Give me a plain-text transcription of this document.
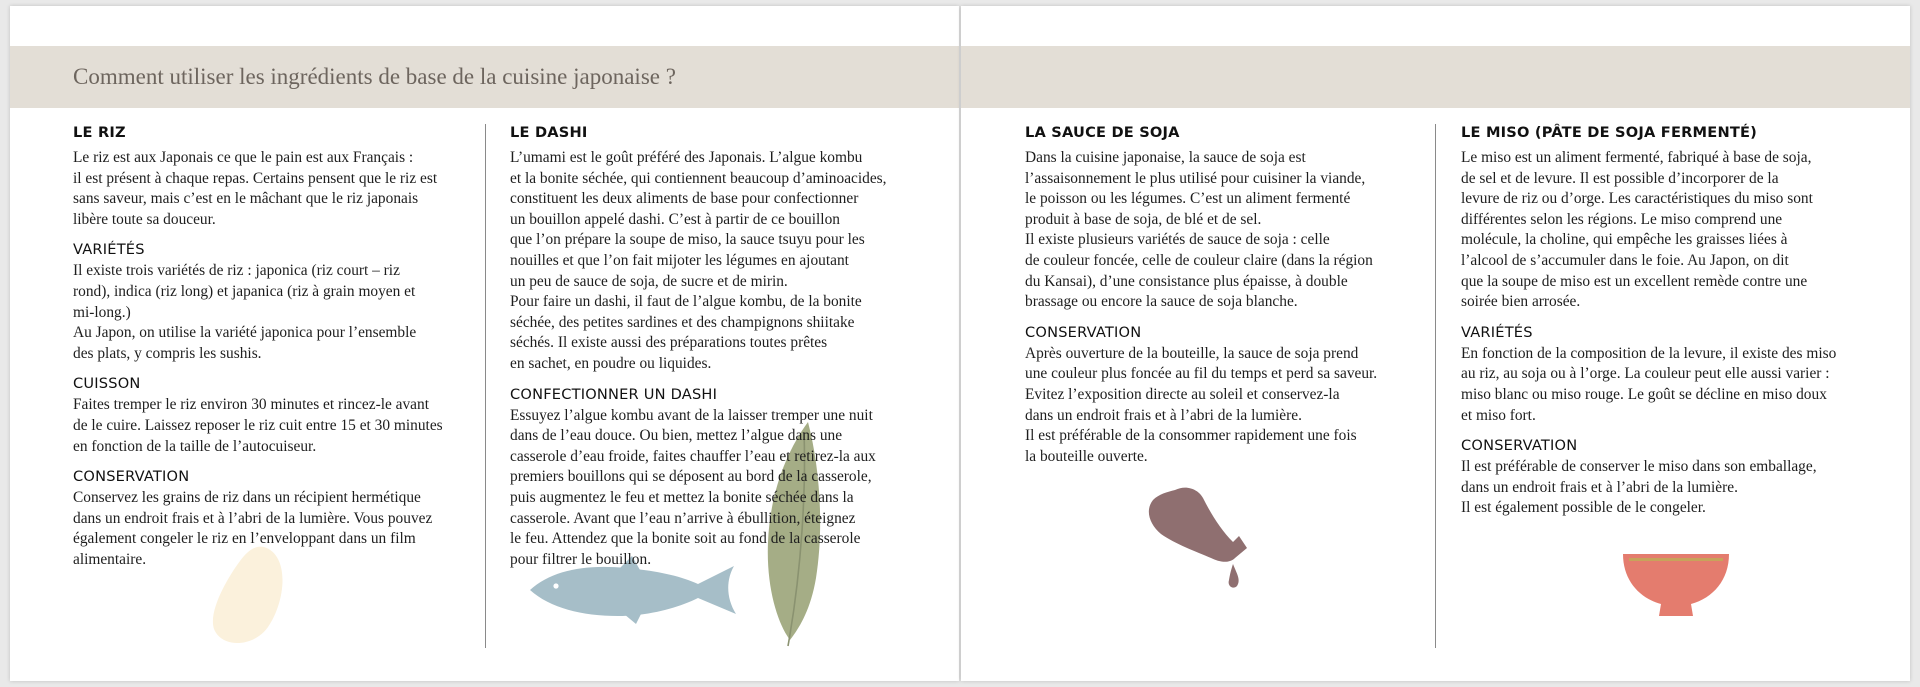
Comment utiliser les ingrédients de base de la cuisine japonaise ?
LE RIZ

Le riz est aux Japonais ce que le pain est aux Français :

il est présent à chaque repas. Certains pensent que le riz est

sans saveur, mais c’est en le mâchant que le riz japonais

libère toute sa douceur.

VARIÉTÉS

Il existe trois variétés de riz : japonica (riz court – riz

rond), indica (riz long) et japanica (riz à grain moyen et

mi-long.)

Au Japon, on utilise la variété japonica pour l’ensemble

des plats, y compris les sushis.

CUISSON

Faites tremper le riz environ 30 minutes et rincez-le avant

de le cuire. Laissez reposer le riz cuit entre 15 et 30 minutes

en fonction de la taille de l’autocuiseur.

CONSERVATION

Conservez les grains de riz dans un récipient hermétique

dans un endroit frais et à l’abri de la lumière. Vous pouvez

également congeler le riz en l’enveloppant dans un film

alimentaire.

LE DASHI

L’umami est le goût préféré des Japonais. L’algue kombu

et la bonite séchée, qui contiennent beaucoup d’aminoacides,

constituent les deux aliments de base pour confectionner

un bouillon appelé dashi. C’est à partir de ce bouillon

que l’on prépare la soupe de miso, la sauce tsuyu pour les

nouilles et que l’on fait mijoter les légumes en ajoutant

un peu de sauce de soja, de sucre et de mirin.

Pour faire un dashi, il faut de l’algue kombu, de la bonite

séchée, des petites sardines et des champignons shiitake

séchés. Il existe aussi des préparations toutes prêtes

en sachet, en poudre ou liquides.

CONFECTIONNER UN DASHI

Essuyez l’algue kombu avant de la laisser tremper une nuit

dans de l’eau douce. Ou bien, mettez l’algue dans une

casserole d’eau froide, faites chauffer l’eau et retirez-la aux

premiers bouillons qui se déposent au bord de la casserole,

puis augmentez le feu et mettez la bonite séchée dans la

casserole. Avant que l’eau n’arrive à ébullition, éteignez

le feu. Attendez que la bonite soit au fond de la casserole

pour filtrer le bouillon.

LA SAUCE DE SOJA

Dans la cuisine japonaise, la sauce de soja est

l’assaisonnement le plus utilisé pour cuisiner la viande,

le poisson ou les légumes. C’est un aliment fermenté

produit à base de soja, de blé et de sel.

Il existe plusieurs variétés de sauce de soja : celle

de couleur foncée, celle de couleur claire (dans la région

du Kansai), d’une consistance plus épaisse, à double

brassage ou encore la sauce de soja blanche.

CONSERVATION

Après ouverture de la bouteille, la sauce de soja prend

une couleur plus foncée au fil du temps et perd sa saveur.

Evitez l’exposition directe au soleil et conservez-la

dans un endroit frais et à l’abri de la lumière.

Il est préférable de la consommer rapidement une fois

la bouteille ouverte.

LE MISO (PÂTE DE SOJA FERMENTÉ)

Le miso est un aliment fermenté, fabriqué à base de soja,

de sel et de levure. Il est possible d’incorporer de la

levure de riz ou d’orge. Les caractéristiques du miso sont

différentes selon les régions. Le miso comprend une

molécule, la choline, qui empêche les graisses liées à

l’alcool de s’accumuler dans le foie. Au Japon, on dit

que la soupe de miso est un excellent remède contre une

soirée bien arrosée.

VARIÉTÉS

En fonction de la composition de la levure, il existe des miso

au riz, au soja ou à l’orge. La couleur peut elle aussi varier :

miso blanc ou miso rouge. Le goût se décline en miso doux

et miso fort.

CONSERVATION

Il est préférable de conserver le miso dans son emballage,

dans un endroit frais et à l’abri de la lumière.

Il est également possible de le congeler.
